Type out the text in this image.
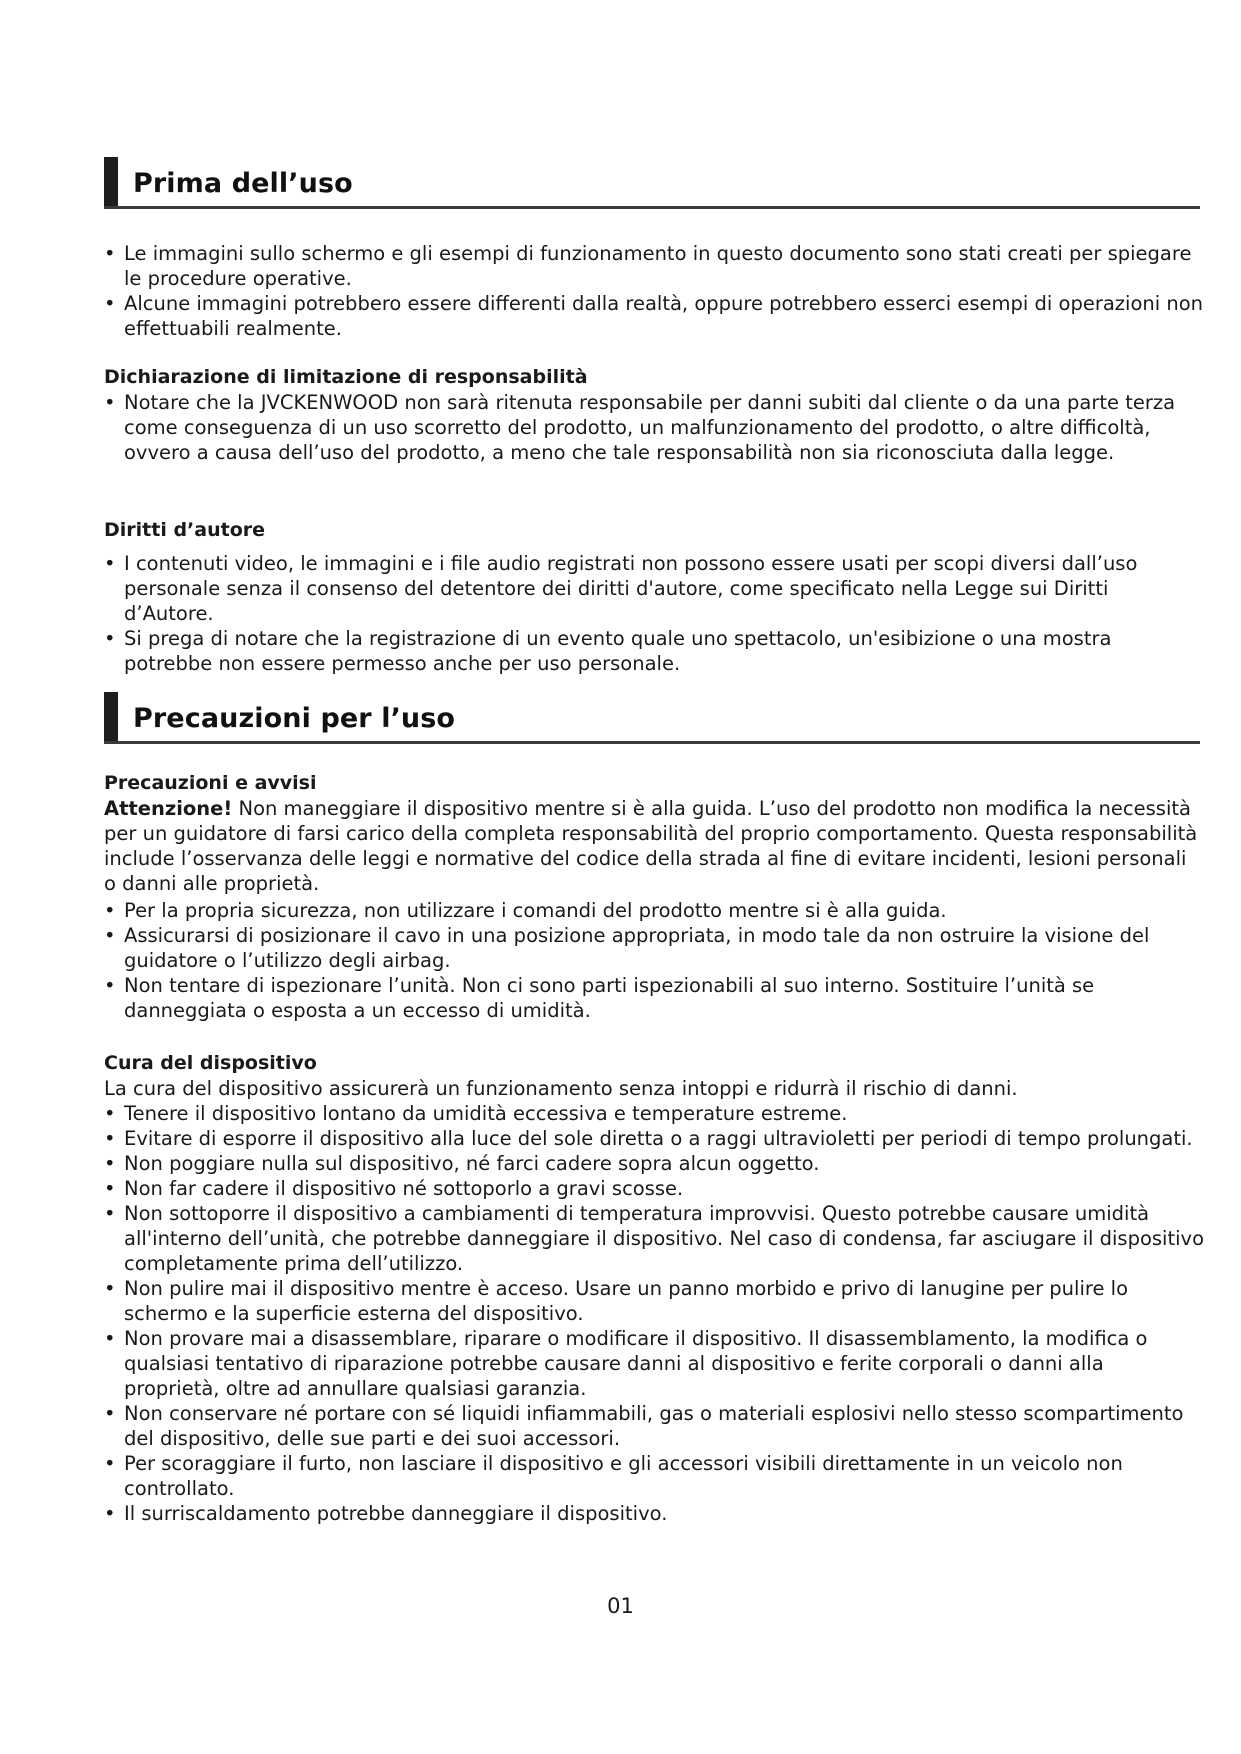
Prima dell’uso
• Le immagini sullo schermo e gli esempi di funzionamento in questo documento sono stati creati per spiegare le procedure operative.
• Alcune immagini potrebbero essere differenti dalla realtà, oppure potrebbero esserci esempi di operazioni non effettuabili realmente.
Dichiarazione di limitazione di responsabilità
• Notare che la JVCKENWOOD non sarà ritenuta responsabile per danni subiti dal cliente o da una parte terza come conseguenza di un uso scorretto del prodotto, un malfunzionamento del prodotto, o altre difficoltà, ovvero a causa dell’uso del prodotto, a meno che tale responsabilità non sia riconosciuta dalla legge.
Diritti d’autore
• I contenuti video, le immagini e i file audio registrati non possono essere usati per scopi diversi dall’uso personale senza il consenso del detentore dei diritti d'autore, come specificato nella Legge sui Diritti d’Autore.
• Si prega di notare che la registrazione di un evento quale uno spettacolo, un'esibizione o una mostra potrebbe non essere permesso anche per uso personale.
Precauzioni per l’uso
Precauzioni e avvisi

Attenzione! Non maneggiare il dispositivo mentre si è alla guida. L’uso del prodotto non modifica la necessità per un guidatore di farsi carico della completa responsabilità del proprio comportamento. Questa responsabilità include l’osservanza delle leggi e normative del codice della strada al fine di evitare incidenti, lesioni personali o danni alle proprietà.

• Per la propria sicurezza, non utilizzare i comandi del prodotto mentre si è alla guida.
• Assicurarsi di posizionare il cavo in una posizione appropriata, in modo tale da non ostruire la visione del guidatore o l’utilizzo degli airbag.
• Non tentare di ispezionare l’unità. Non ci sono parti ispezionabili al suo interno. Sostituire l’unità se danneggiata o esposta a un eccesso di umidità.
Cura del dispositivo

La cura del dispositivo assicurerà un funzionamento senza intoppi e ridurrà il rischio di danni.

• Tenere il dispositivo lontano da umidità eccessiva e temperature estreme.
• Evitare di esporre il dispositivo alla luce del sole diretta o a raggi ultravioletti per periodi di tempo prolungati.
• Non poggiare nulla sul dispositivo, né farci cadere sopra alcun oggetto.
• Non far cadere il dispositivo né sottoporlo a gravi scosse.
• Non sottoporre il dispositivo a cambiamenti di temperatura improvvisi. Questo potrebbe causare umidità all'interno dell’unità, che potrebbe danneggiare il dispositivo. Nel caso di condensa, far asciugare il dispositivo completamente prima dell’utilizzo.
• Non pulire mai il dispositivo mentre è acceso. Usare un panno morbido e privo di lanugine per pulire lo schermo e la superficie esterna del dispositivo.
• Non provare mai a disassemblare, riparare o modificare il dispositivo. Il disassemblamento, la modifica o qualsiasi tentativo di riparazione potrebbe causare danni al dispositivo e ferite corporali o danni alla proprietà, oltre ad annullare qualsiasi garanzia.
• Non conservare né portare con sé liquidi infiammabili, gas o materiali esplosivi nello stesso scompartimento del dispositivo, delle sue parti e dei suoi accessori.
• Per scoraggiare il furto, non lasciare il dispositivo e gli accessori visibili direttamente in un veicolo non controllato.
• Il surriscaldamento potrebbe danneggiare il dispositivo.
01
